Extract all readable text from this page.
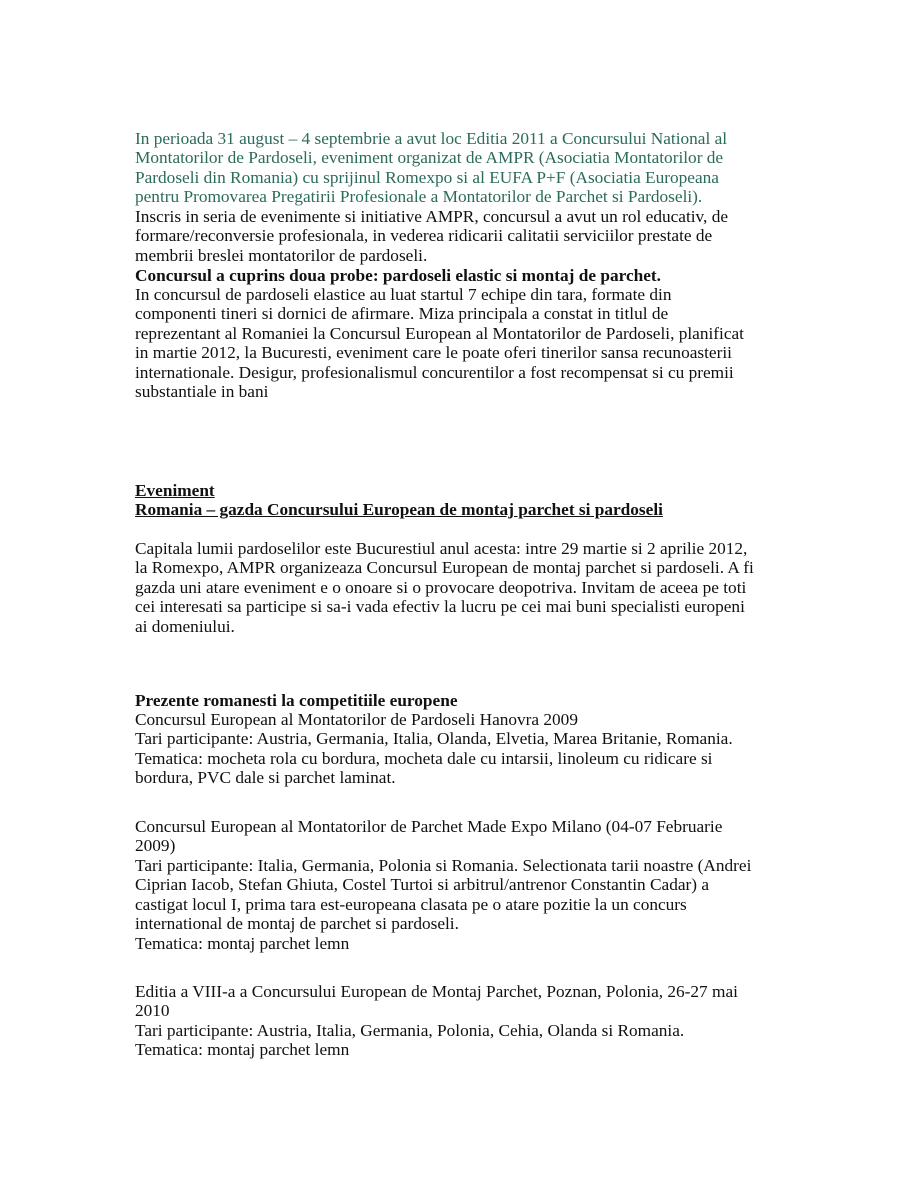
In perioada 31 august – 4 septembrie a avut loc Editia 2011 a Concursului National al
Montatorilor de Pardoseli, eveniment organizat de AMPR (Asociatia Montatorilor de
Pardoseli din Romania) cu sprijinul Romexpo si al EUFA P+F (Asociatia Europeana
pentru Promovarea Pregatirii Profesionale a Montatorilor de Parchet si Pardoseli).
Inscris in seria de evenimente si initiative AMPR, concursul a avut un rol educativ, de
formare/reconversie profesionala, in vederea ridicarii calitatii serviciilor prestate de
membrii breslei montatorilor de pardoseli.
Concursul a cuprins doua probe: pardoseli elastic si montaj de parchet.
In concursul de pardoseli elastice au luat startul 7 echipe din tara, formate din
componenti tineri si dornici de afirmare. Miza principala a constat in titlul de
reprezentant al Romaniei la Concursul European al Montatorilor de Pardoseli, planificat
in martie 2012, la Bucuresti, eveniment care le poate oferi tinerilor sansa recunoasterii
internationale. Desigur, profesionalismul concurentilor a fost recompensat si cu premii
substantiale in bani
Eveniment
Romania – gazda Concursului European de montaj parchet si pardoseli
Capitala lumii pardoselilor este Bucurestiul anul acesta: intre 29 martie si 2 aprilie 2012,
la Romexpo, AMPR organizeaza Concursul European de montaj parchet si pardoseli. A fi
gazda uni atare eveniment e o onoare si o provocare deopotriva. Invitam de aceea pe toti
cei interesati sa participe si sa-i vada efectiv la lucru pe cei mai buni specialisti europeni
ai domeniului.
Prezente romanesti la competitiile europene
Concursul European al Montatorilor de Pardoseli Hanovra 2009
Tari participante: Austria, Germania, Italia, Olanda, Elvetia, Marea Britanie, Romania.
Tematica: mocheta rola cu bordura, mocheta dale cu intarsii, linoleum cu ridicare si
bordura, PVC dale si parchet laminat.
Concursul European al Montatorilor de Parchet Made Expo Milano (04-07 Februarie
2009)
Tari participante: Italia, Germania, Polonia si Romania. Selectionata tarii noastre (Andrei
Ciprian Iacob, Stefan Ghiuta, Costel Turtoi si arbitrul/antrenor Constantin Cadar) a
castigat locul I, prima tara est-europeana clasata pe o atare pozitie la un concurs
international de montaj de parchet si pardoseli.
Tematica: montaj parchet lemn
Editia a VIII-a a Concursului European de Montaj Parchet, Poznan, Polonia, 26-27 mai
2010
Tari participante: Austria, Italia, Germania, Polonia, Cehia, Olanda si Romania.
Tematica: montaj parchet lemn
